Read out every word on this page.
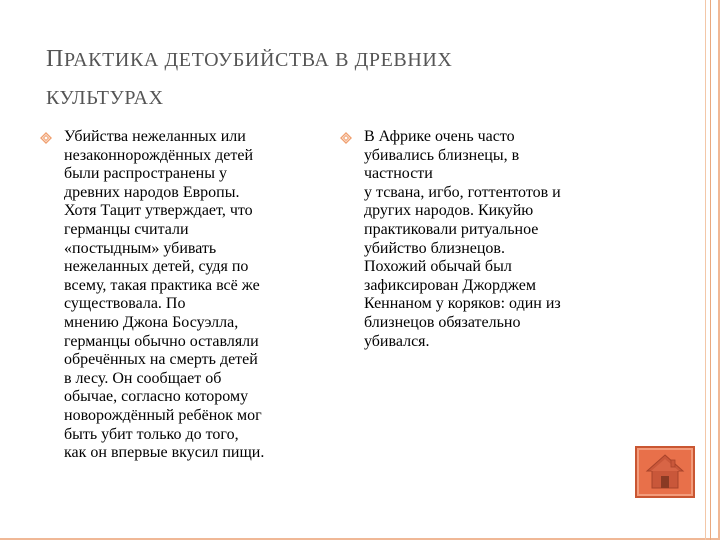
ПРАКТИКА ДЕТОУБИЙСТВА В ДРЕВНИХ
КУЛЬТУРАХ
Убийства нежеланных или
незаконнорождённых детей
были распространены у
древних народов Европы.
Хотя Тацит утверждает, что
германцы считали
«постыдным» убивать
нежеланных детей, судя по
всему, такая практика всё же
существовала. По
мнению Джона Босуэлла,
германцы обычно оставляли
обречённых на смерть детей
в лесу. Он сообщает об
обычае, согласно которому
новорождённый ребёнок мог
быть убит только до того,
как он впервые вкусил пищи.
В Африке очень часто
убивались близнецы, в
частности
у тсвана, игбо, готтентотов и
других народов. Кикуйю
практиковали ритуальное
убийство близнецов.
Похожий обычай был
зафиксирован Джорджем
Кеннаном у коряков: один из
близнецов обязательно
убивался.
